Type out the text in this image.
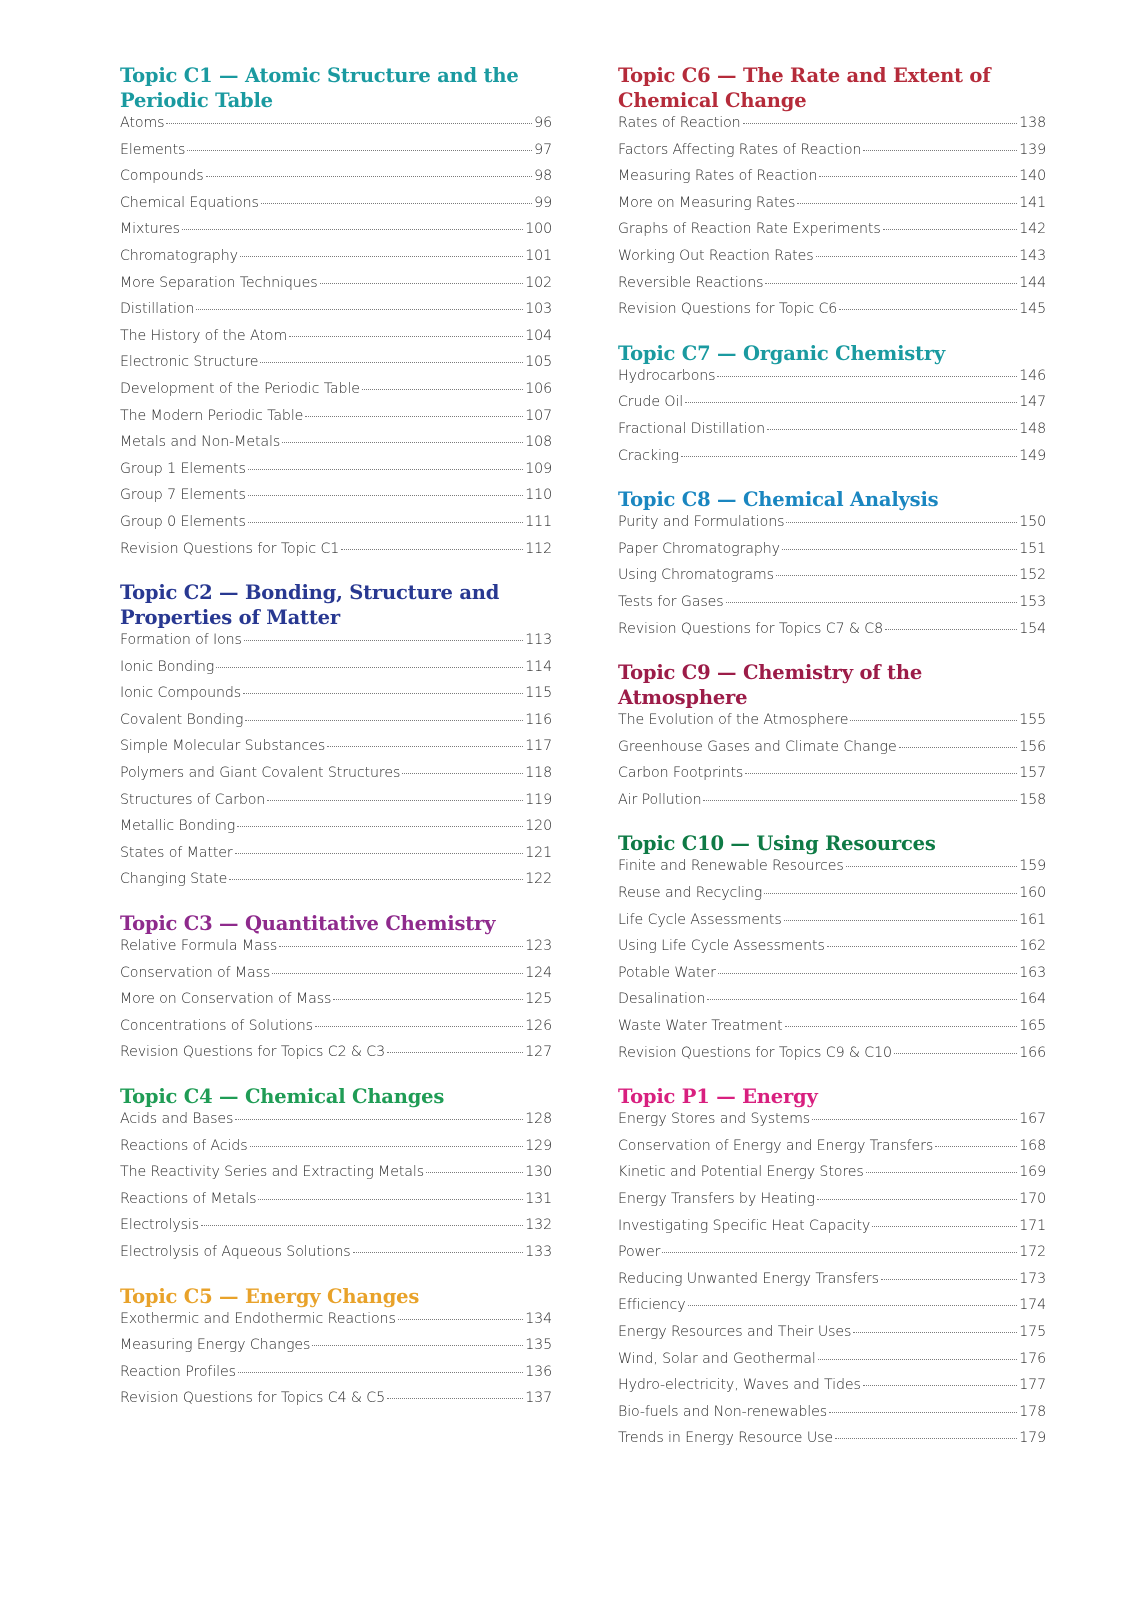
Topic C1 — Atomic Structure and the Periodic Table
Atoms	96
Elements	97
Compounds	98
Chemical Equations	99
Mixtures	100
Chromatography	101
More Separation Techniques	102
Distillation	103
The History of the Atom	104
Electronic Structure	105
Development of the Periodic Table	106
The Modern Periodic Table	107
Metals and Non-Metals	108
Group 1 Elements	109
Group 7 Elements	110
Group 0 Elements	111
Revision Questions for Topic C1	112
Topic C2 — Bonding, Structure and Properties of Matter
Formation of Ions	113
Ionic Bonding	114
Ionic Compounds	115
Covalent Bonding	116
Simple Molecular Substances	117
Polymers and Giant Covalent Structures	118
Structures of Carbon	119
Metallic Bonding	120
States of Matter	121
Changing State	122
Topic C3 — Quantitative Chemistry
Relative Formula Mass	123
Conservation of Mass	124
More on Conservation of Mass	125
Concentrations of Solutions	126
Revision Questions for Topics C2 & C3	127
Topic C4 — Chemical Changes
Acids and Bases	128
Reactions of Acids	129
The Reactivity Series and Extracting Metals	130
Reactions of Metals	131
Electrolysis	132
Electrolysis of Aqueous Solutions	133
Topic C5 — Energy Changes
Exothermic and Endothermic Reactions	134
Measuring Energy Changes	135
Reaction Profiles	136
Revision Questions for Topics C4 & C5	137
Topic C6 — The Rate and Extent of Chemical Change
Rates of Reaction	138
Factors Affecting Rates of Reaction	139
Measuring Rates of Reaction	140
More on Measuring Rates	141
Graphs of Reaction Rate Experiments	142
Working Out Reaction Rates	143
Reversible Reactions	144
Revision Questions for Topic C6	145
Topic C7 — Organic Chemistry
Hydrocarbons	146
Crude Oil	147
Fractional Distillation	148
Cracking	149
Topic C8 — Chemical Analysis
Purity and Formulations	150
Paper Chromatography	151
Using Chromatograms	152
Tests for Gases	153
Revision Questions for Topics C7 & C8	154
Topic C9 — Chemistry of the Atmosphere
The Evolution of the Atmosphere	155
Greenhouse Gases and Climate Change	156
Carbon Footprints	157
Air Pollution	158
Topic C10 — Using Resources
Finite and Renewable Resources	159
Reuse and Recycling	160
Life Cycle Assessments	161
Using Life Cycle Assessments	162
Potable Water	163
Desalination	164
Waste Water Treatment	165
Revision Questions for Topics C9 & C10	166
Topic P1 — Energy
Energy Stores and Systems	167
Conservation of Energy and Energy Transfers	168
Kinetic and Potential Energy Stores	169
Energy Transfers by Heating	170
Investigating Specific Heat Capacity	171
Power	172
Reducing Unwanted Energy Transfers	173
Efficiency	174
Energy Resources and Their Uses	175
Wind, Solar and Geothermal	176
Hydro-electricity, Waves and Tides	177
Bio-fuels and Non-renewables	178
Trends in Energy Resource Use	179
